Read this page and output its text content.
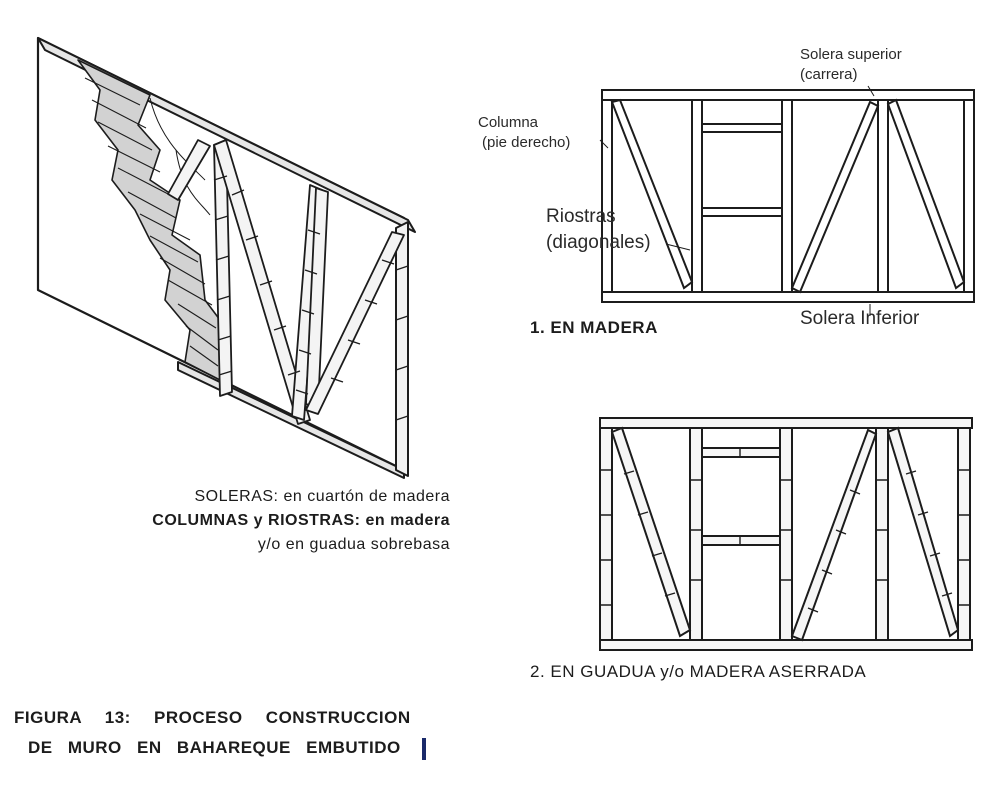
Solera superior
(carrera)
Columna
(pie derecho)
Riostras
(diagonales)
Solera Inferior
1. EN MADERA
SOLERAS: en cuartón de madera
COLUMNAS y RIOSTRAS: en madera
y/o en guadua sobrebasa
2. EN GUADUA y/o MADERA ASERRADA
FIGURA 13: PROCESO CONSTRUCCION
DE MURO EN BAHAREQUE EMBUTIDO
